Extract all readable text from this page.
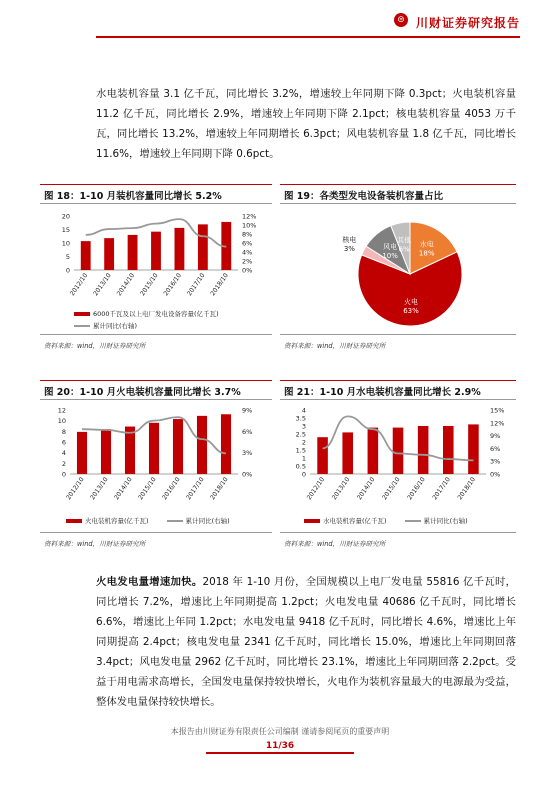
⊜ 川财证券研究报告
水电装机容量 3.1 亿千瓦，同比增长 3.2%，增速较上年同期下降 0.3pct；火电装机容量 11.2 亿千瓦，同比增长 2.9%，增速较上年同期下降 2.1pct；核电装机容量 4053 万千瓦，同比增长 13.2%，增速较上年同期增长 6.3pct；风电装机容量 1.8 亿千瓦，同比增长 11.6%，增速较上年同期下降 0.6pct。
图 18：1-10 月装机容量同比增长 5.2%
0
5
10
15
20
0%
2%
4%
6%
8%
10%
12%
2012/10 2013/10 2014/10 2015/10 2016/10 2017/10 2018/10
6000千瓦及以上电厂发电设备容量(亿千瓦)
累计同比(右轴)
资料来源：wind，川财证券研究所
图 19：各类型发电设备装机容量占比
水电
18%
火电
63%
核电
3%	风电
10%
其他
6%
资料来源：wind，川财证券研究所
图 20：1-10 月火电装机容量同比增长 3.7%
0
2
4
6
8
10
12
0%
3%
6%
9%
2012/10 2013/10 2014/10 2015/10 2016/10 2017/10 2018/10
火电装机容量(亿千瓦)	累计同比(右轴)
资料来源：wind，川财证券研究所
图 21：1-10 月水电装机容量同比增长 2.9%
0
0.5
1
1.5
2
2.5
3
3.5
4
0%
3%
6%
9%
12%
15%
2012/10 2013/10 2014/10 2015/10 2016/10 2017/10 2018/10
水电装机容量(亿千瓦)	累计同比(右轴)
资料来源：wind，川财证券研究所
火电发电量增速加快。2018 年 1-10 月份，全国规模以上电厂发电量 55816 亿千瓦时，同比增长 7.2%，增速比上年同期提高 1.2pct；火电发电量 40686 亿千瓦时，同比增长 6.6%，增速比上年同 1.2pct；水电发电量 9418 亿千瓦时，同比增长 4.6%，增速比上年同期提高 2.4pct；核电发电量 2341 亿千瓦时，同比增长 15.0%，增速比上年同期回落 3.4pct；风电发电量 2962 亿千瓦时，同比增长 23.1%，增速比上年同期回落 2.2pct。受益于用电需求高增长，全国发电量保持较快增长，火电作为装机容量最大的电源最为受益，整体发电量保持较快增长。
本报告由川财证券有限责任公司编制 谨请参阅尾页的重要声明
11/36
